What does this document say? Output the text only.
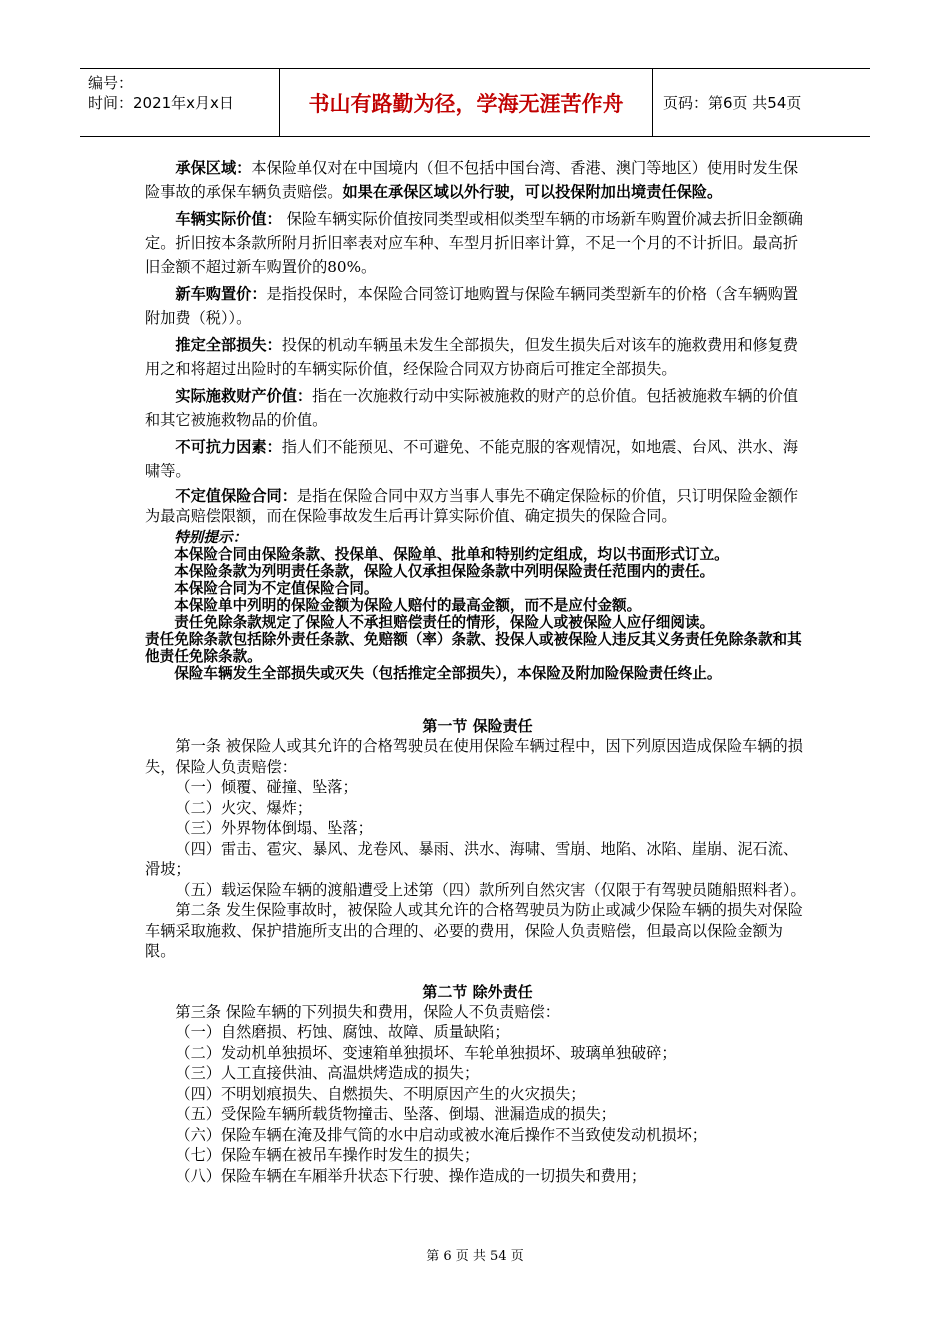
编号：
时间：2021年x月x日	书山有路勤为径，学海无涯苦作舟	页码：第6页 共54页

承保区域：本保险单仅对在中国境内（但不包括中国台湾、香港、澳门等地区）使用时发生保险事故的承保车辆负责赔偿。如果在承保区域以外行驶，可以投保附加出境责任保险。

车辆实际价值： 保险车辆实际价值按同类型或相似类型车辆的市场新车购置价减去折旧金额确定。折旧按本条款所附月折旧率表对应车种、车型月折旧率计算，不足一个月的不计折旧。最高折旧金额不超过新车购置价的80%。

新车购置价：是指投保时，本保险合同签订地购置与保险车辆同类型新车的价格（含车辆购置附加费（税））。

推定全部损失：投保的机动车辆虽未发生全部损失，但发生损失后对该车的施救费用和修复费用之和将超过出险时的车辆实际价值，经保险合同双方协商后可推定全部损失。

实际施救财产价值：指在一次施救行动中实际被施救的财产的总价值。包括被施救车辆的价值和其它被施救物品的价值。

不可抗力因素：指人们不能预见、不可避免、不能克服的客观情况，如地震、台风、洪水、海啸等。

不定值保险合同：是指在保险合同中双方当事人事先不确定保险标的价值，只订明保险金额作为最高赔偿限额，而在保险事故发生后再计算实际价值、确定损失的保险合同。

特别提示：

本保险合同由保险条款、投保单、保险单、批单和特别约定组成，均以书面形式订立。

本保险条款为列明责任条款，保险人仅承担保险条款中列明保险责任范围内的责任。

本保险合同为不定值保险合同。

本保险单中列明的保险金额为保险人赔付的最高金额，而不是应付金额。

责任免除条款规定了保险人不承担赔偿责任的情形，保险人或被保险人应仔细阅读。

责任免除条款包括除外责任条款、免赔额（率）条款、投保人或被保险人违反其义务责任免除条款和其他责任免除条款。

保险车辆发生全部损失或灭失（包括推定全部损失），本保险及附加险保险责任终止。

第一节 保险责任

第一条 被保险人或其允许的合格驾驶员在使用保险车辆过程中，因下列原因造成保险车辆的损失，保险人负责赔偿：

（一）倾覆、碰撞、坠落；

（二）火灾、爆炸；

（三）外界物体倒塌、坠落；

（四）雷击、雹灾、暴风、龙卷风、暴雨、洪水、海啸、雪崩、地陷、冰陷、崖崩、泥石流、滑坡；

（五）载运保险车辆的渡船遭受上述第（四）款所列自然灾害（仅限于有驾驶员随船照料者）。

第二条 发生保险事故时，被保险人或其允许的合格驾驶员为防止或减少保险车辆的损失对保险车辆采取施救、保护措施所支出的合理的、必要的费用，保险人负责赔偿，但最高以保险金额为限。

第二节 除外责任

第三条 保险车辆的下列损失和费用，保险人不负责赔偿：

（一）自然磨损、朽蚀、腐蚀、故障、质量缺陷；

（二）发动机单独损坏、变速箱单独损坏、车轮单独损坏、玻璃单独破碎；

（三）人工直接供油、高温烘烤造成的损失；

（四）不明划痕损失、自燃损失、不明原因产生的火灾损失；

（五）受保险车辆所载货物撞击、坠落、倒塌、泄漏造成的损失；

（六）保险车辆在淹及排气筒的水中启动或被水淹后操作不当致使发动机损坏；

（七）保险车辆在被吊车操作时发生的损失；

（八）保险车辆在车厢举升状态下行驶、操作造成的一切损失和费用；

第 6 页 共 54 页
